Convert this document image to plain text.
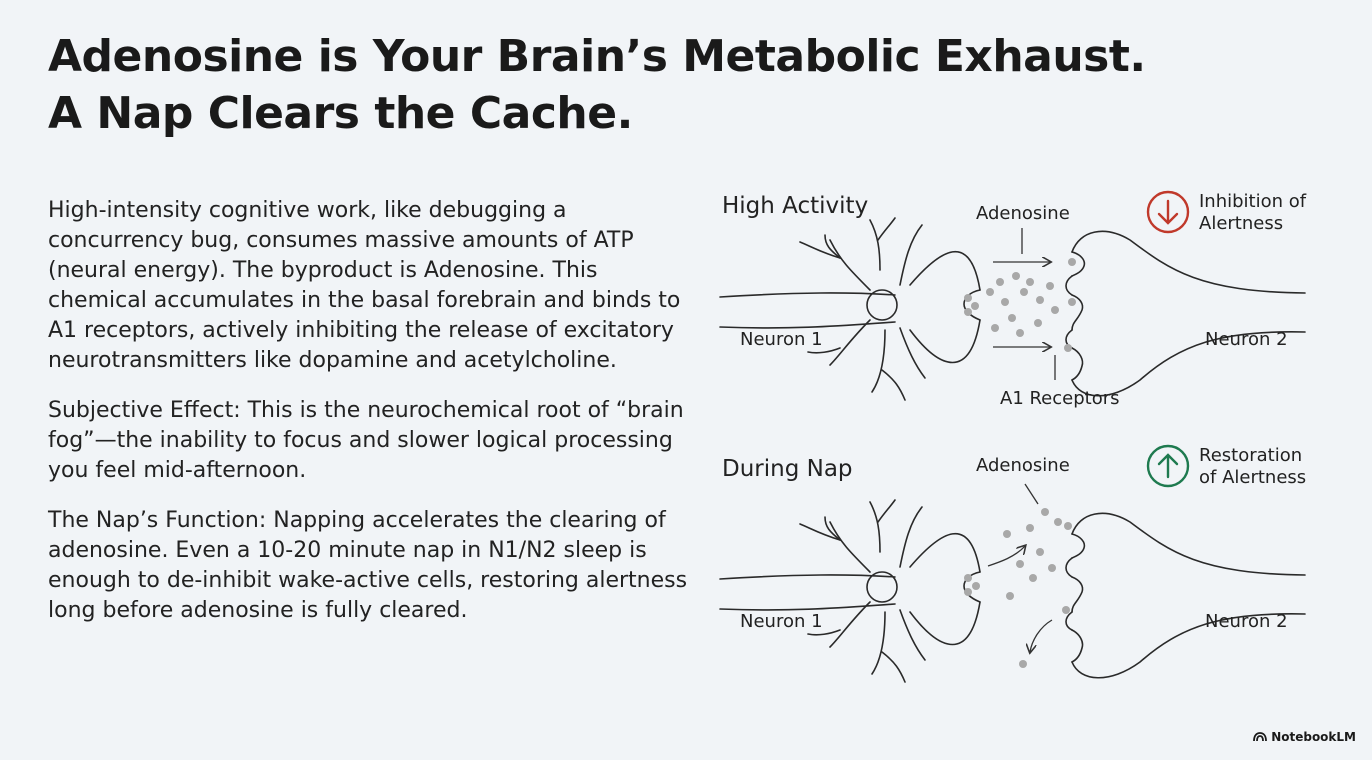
Adenosine is Your Brain’s Metabolic Exhaust.
A Nap Clears the Cache.

High-intensity cognitive work, like debugging a concurrency bug, consumes massive amounts of ATP (neural energy). The byproduct is Adenosine. This chemical accumulates in the basal forebrain and binds to A1 receptors, actively inhibiting the release of excitatory neurotransmitters like dopamine and acetylcholine.

Subjective Effect: This is the neurochemical root of “brain fog”—the inability to focus and slower logical processing you feel mid-afternoon.

The Nap’s Function: Napping accelerates the clearing of adenosine. Even a 10-20 minute nap in N1/N2 sleep is enough to de-inhibit wake-active cells, restoring alertness long before adenosine is fully cleared.

High Activity	Adenosine
Neuron 1	Neuron 2
A1 Receptors
Inhibition of
Alertness
During Nap	Adenosine
Neuron 1	Neuron 2
Restoration
of Alertness
NotebookLM
